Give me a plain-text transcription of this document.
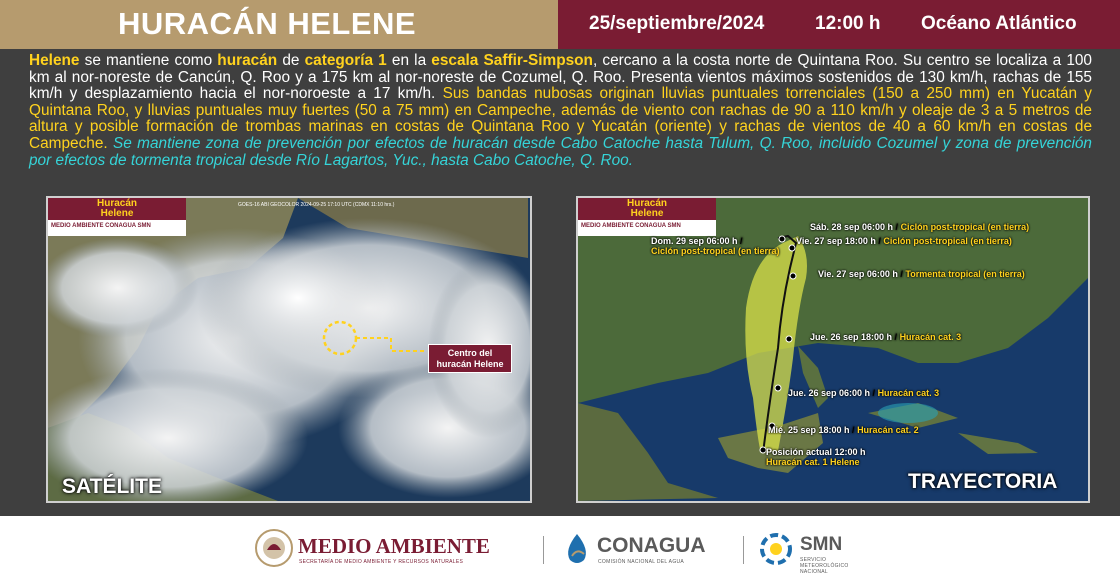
HURACÁN HELENE	25/septiembre/2024	12:00 h Océano Atlántico

Helene se mantiene como huracán de categoría 1 en la escala Saffir-Simpson, cercano a la costa norte de Quintana Roo. Su centro se localiza a 100 km al nor-noreste de Cancún, Q. Roo y a 175 km al nor-noreste de Cozumel, Q. Roo. Presenta vientos máximos sostenidos de 130 km/h, rachas de 155 km/h y desplazamiento hacia el nor-noroeste a 17 km/h. Sus bandas nubosas originan lluvias puntuales torrenciales (150 a 250 mm) en Yucatán y Quintana Roo, y lluvias puntuales muy fuertes (50 a 75 mm) en Campeche, además de viento con rachas de 90 a 110 km/h y oleaje de 3 a 5 metros de altura y posible formación de trombas marinas en costas de Quintana Roo y Yucatán (oriente) y rachas de vientos de 40 a 60 km/h en costas de Campeche. Se mantiene zona de prevención por efectos de huracán desde Cabo Catoche hasta Tulum, Q. Roo, incluido Cozumel y zona de prevención por efectos de tormenta tropical desde Río Lagartos, Yuc., hasta Cabo Catoche, Q. Roo.

Huracán
Helene
MEDIO AMBIENTE CONAGUA SMN
GOES-16 ABI GEOCOLOR 2024-09-25 17:10 UTC (CDMX 11:10 hrs.)
Centro del
huracán Helene
SATÉLITE
Huracán
Helene
MEDIO AMBIENTE CONAGUA SMN	Sáb. 28 sep 06:00 h / Ciclón post-tropical (en tierra)
Vie. 27 sep 18:00 h / Ciclón post-tropical (en tierra)
Dom. 29 sep 06:00 h /
Ciclón post-tropical (en tierra)
Vie. 27 sep 06:00 h / Tormenta tropical (en tierra)
Jue. 26 sep 18:00 h / Huracán cat. 3
Jue. 26 sep 06:00 h / Huracán cat. 3
Mié. 25 sep 18:00 h / Huracán cat. 2
Posición actual 12:00 h
Huracán cat. 1 Helene
TRAYECTORIA
MEDIO AMBIENTE
SECRETARÍA DE MEDIO AMBIENTE Y RECURSOS NATURALES
CONAGUA
COMISIÓN NACIONAL DEL AGUA
SMN
SERVICIO METEOROLÓGICO NACIONAL
